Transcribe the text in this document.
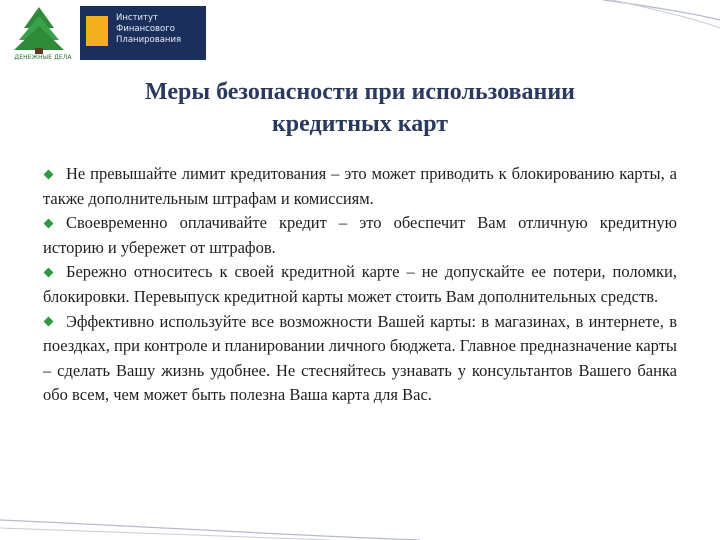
ДЕНЕЖНЫЕ ДЕЛА
Институт
Финансового
Планирования
Меры безопасности при использовании
кредитных карт

Не превышайте лимит кредитования – это может приводить к блокированию карты, а также дополнительным штрафам и комиссиям.

Своевременно оплачивайте кредит – это обеспечит Вам отличную кредитную историю и убережет от штрафов.

Бережно относитесь к своей кредитной карте – не допускайте ее потери, поломки, блокировки. Перевыпуск кредитной карты может стоить Вам дополнительных средств.

Эффективно используйте все возможности Вашей карты: в магазинах, в интернете, в поездках, при контроле и планировании личного бюджета. Главное предназначение карты – сделать Вашу жизнь удобнее. Не стесняйтесь узнавать у консультантов Вашего банка обо всем, чем может быть полезна Ваша карта для Вас.
